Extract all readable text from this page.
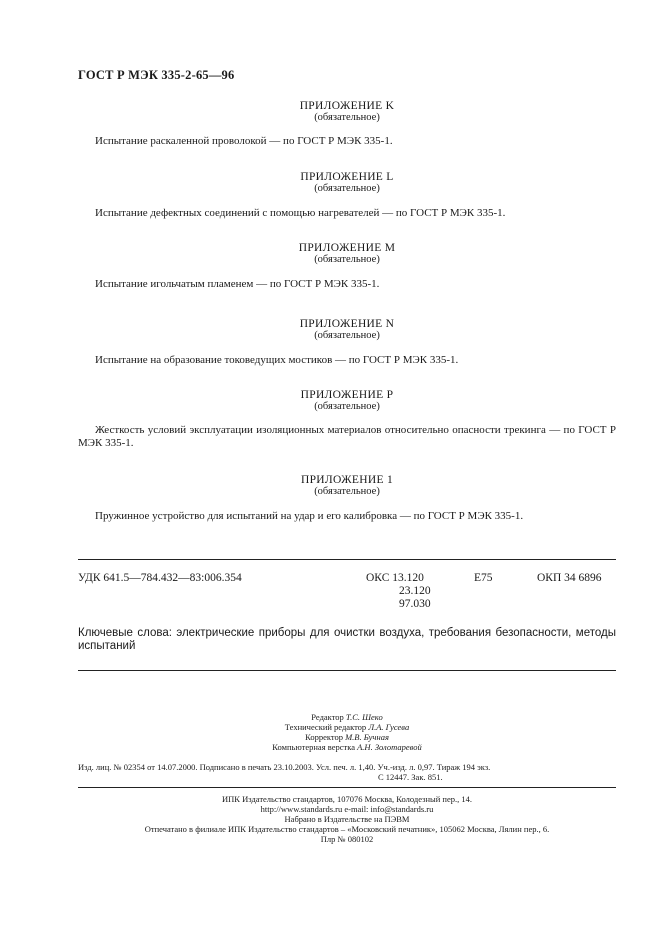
ГОСТ Р МЭК 335-2-65—96
ПРИЛОЖЕНИЕ K
(обязательное)
Испытание раскаленной проволокой — по ГОСТ Р МЭК 335-1.
ПРИЛОЖЕНИЕ L
(обязательное)
Испытание дефектных соединений с помощью нагревателей — по ГОСТ Р МЭК 335-1.
ПРИЛОЖЕНИЕ M
(обязательное)
Испытание игольчатым пламенем — по ГОСТ Р МЭК 335-1.
ПРИЛОЖЕНИЕ N
(обязательное)
Испытание на образование токоведущих мостиков — по ГОСТ Р МЭК 335-1.
ПРИЛОЖЕНИЕ P
(обязательное)
Жесткость условий эксплуатации изоляционных материалов относительно опасности трекинга — по ГОСТ Р МЭК 335-1.
ПРИЛОЖЕНИЕ 1
(обязательное)
Пружинное устройство для испытаний на удар и его калибровка — по ГОСТ Р МЭК 335-1.
УДК 641.5—784.432—83:006.354	ОКС 13.120
23.120
97.030
E75	ОКП 34 6896
Ключевые слова: электрические приборы для очистки воздуха, требования безопасности, методы испытаний
Редактор Т.С. Шеко
Технический редактор Л.А. Гусева
Корректор М.В. Бучная
Компьютерная верстка А.Н. Золотаревой
Изд. лиц. № 02354 от 14.07.2000. Подписано в печать 23.10.2003. Усл. печ. л. 1,40. Уч.-изд. л. 0,97. Тираж 194 экз.
С 12447. Зак. 851.
ИПК Издательство стандартов, 107076 Москва, Колодезный пер., 14.
http://www.standards.ru e-mail: info@standards.ru
Набрано в Издательстве на ПЭВМ
Отпечатано в филиале ИПК Издательство стандартов – «Московский печатник», 105062 Москва, Лялин пер., 6.
Плр № 080102
